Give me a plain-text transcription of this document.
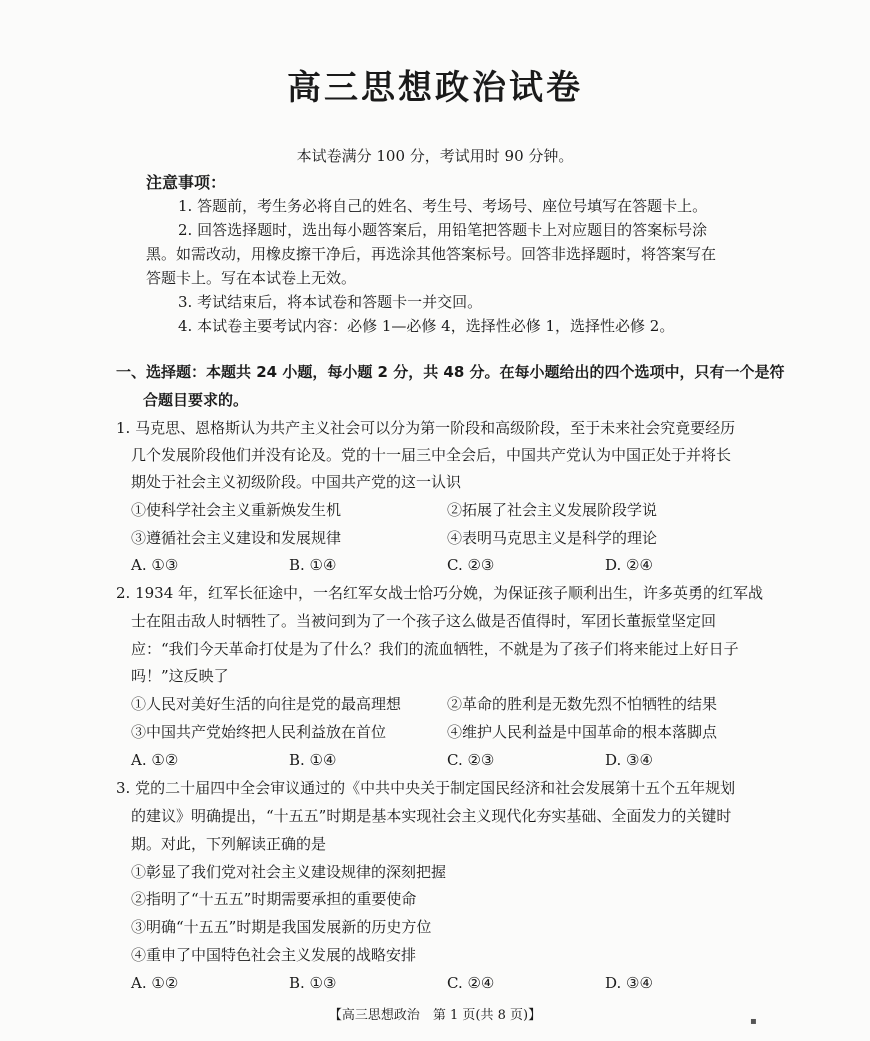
高三思想政治试卷
本试卷满分 100 分，考试用时 90 分钟。
注意事项：
1. 答题前，考生务必将自己的姓名、考生号、考场号、座位号填写在答题卡上。
2. 回答选择题时，选出每小题答案后，用铅笔把答题卡上对应题目的答案标号涂
黑。如需改动，用橡皮擦干净后，再选涂其他答案标号。回答非选择题时，将答案写在
答题卡上。写在本试卷上无效。
3. 考试结束后，将本试卷和答题卡一并交回。
4. 本试卷主要考试内容：必修 1—必修 4，选择性必修 1，选择性必修 2。
一、选择题：本题共 24 小题，每小题 2 分，共 48 分。在每小题给出的四个选项中，只有一个是符
合题目要求的。
1. 马克思、恩格斯认为共产主义社会可以分为第一阶段和高级阶段，至于未来社会究竟要经历
几个发展阶段他们并没有论及。党的十一届三中全会后，中国共产党认为中国正处于并将长
期处于社会主义初级阶段。中国共产党的这一认识
①使科学社会主义重新焕发生机	②拓展了社会主义发展阶段学说
③遵循社会主义建设和发展规律	④表明马克思主义是科学的理论
A. ①③	B. ①④	C. ②③	D. ②④
2. 1934 年，红军长征途中，一名红军女战士恰巧分娩，为保证孩子顺利出生，许多英勇的红军战
士在阻击敌人时牺牲了。当被问到为了一个孩子这么做是否值得时，军团长董振堂坚定回
应：“我们今天革命打仗是为了什么？我们的流血牺牲，不就是为了孩子们将来能过上好日子
吗！”这反映了
①人民对美好生活的向往是党的最高理想	②革命的胜利是无数先烈不怕牺牲的结果
③中国共产党始终把人民利益放在首位	④维护人民利益是中国革命的根本落脚点
A. ①②	B. ①④	C. ②③	D. ③④
3. 党的二十届四中全会审议通过的《中共中央关于制定国民经济和社会发展第十五个五年规划
的建议》明确提出，“十五五”时期是基本实现社会主义现代化夯实基础、全面发力的关键时
期。对此，下列解读正确的是
①彰显了我们党对社会主义建设规律的深刻把握
②指明了“十五五”时期需要承担的重要使命
③明确“十五五”时期是我国发展新的历史方位
④重申了中国特色社会主义发展的战略安排
A. ①②	B. ①③	C. ②④	D. ③④
【高三思想政治　第 1 页(共 8 页)】	▪
